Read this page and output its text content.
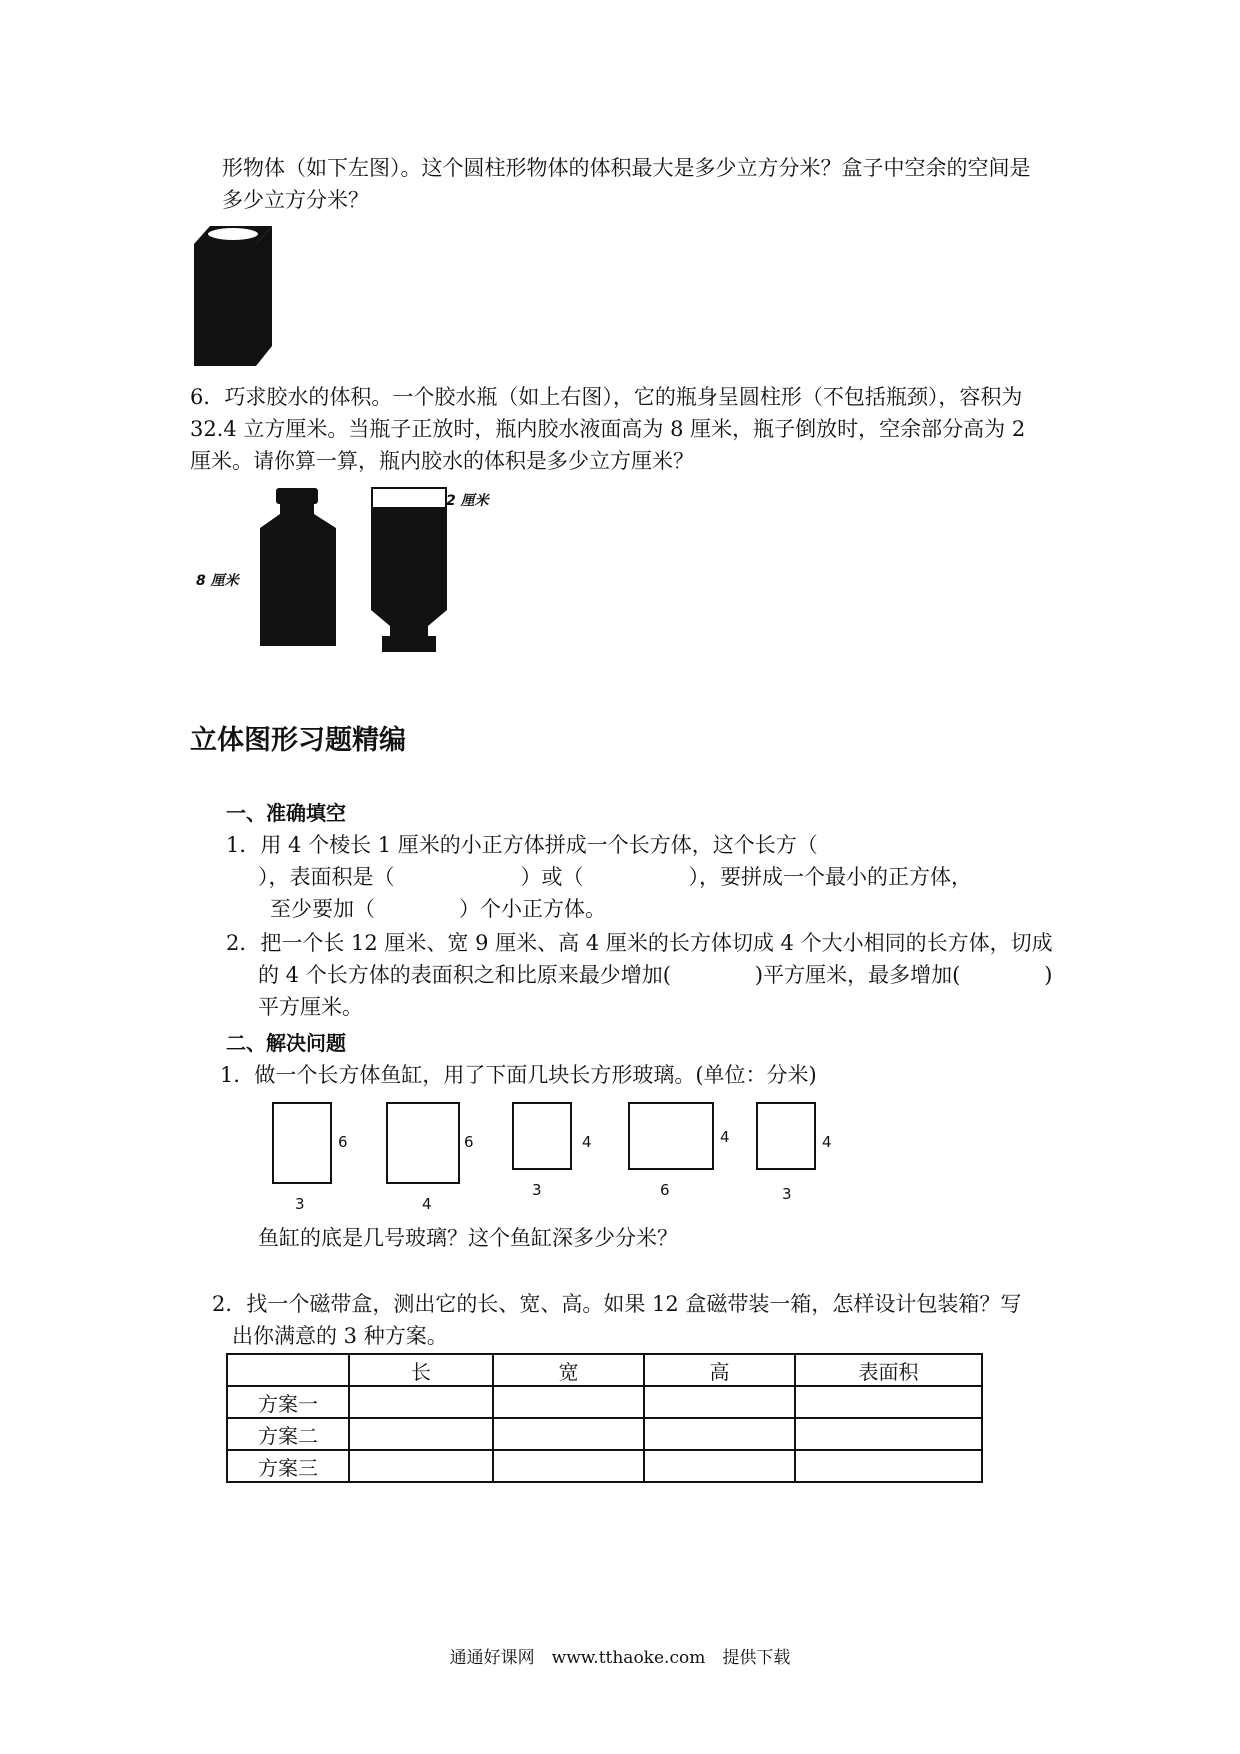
形物体（如下左图）。这个圆柱形物体的体积最大是多少立方分米？盒子中空余的空间是
多少立方分米？
6．巧求胶水的体积。一个胶水瓶（如上右图），它的瓶身呈圆柱形（不包括瓶颈），容积为
32.4 立方厘米。当瓶子正放时，瓶内胶水液面高为 8 厘米，瓶子倒放时，空余部分高为 2
厘米。请你算一算，瓶内胶水的体积是多少立方厘米？
8 厘米
2 厘米
立体图形习题精编
一、准确填空
1．用 4 个棱长 1 厘米的小正方体拼成一个长方体，这个长方（
），表面积是（　　　　　　）或（　　　　　），要拼成一个最小的正方体，
至少要加（　　　　）个小正方体。
2．把一个长 12 厘米、宽 9 厘米、高 4 厘米的长方体切成 4 个大小相同的长方体，切成
的 4 个长方体的表面积之和比原来最少增加(　　　　)平方厘米，最多增加(　　　　)
平方厘米。
二、解决问题
1．做一个长方体鱼缸，用了下面几块长方形玻璃。(单位：分米)
6
3
6
4
4
3
4
6
4
3
鱼缸的底是几号玻璃？这个鱼缸深多少分米？
2．找一个磁带盒，测出它的长、宽、高。如果 12 盒磁带装一箱，怎样设计包装箱？写
出你满意的 3 种方案。
	长	宽	高	表面积
方案一				
方案二				
方案三				
通通好课网　www.tthaoke.com　提供下载
